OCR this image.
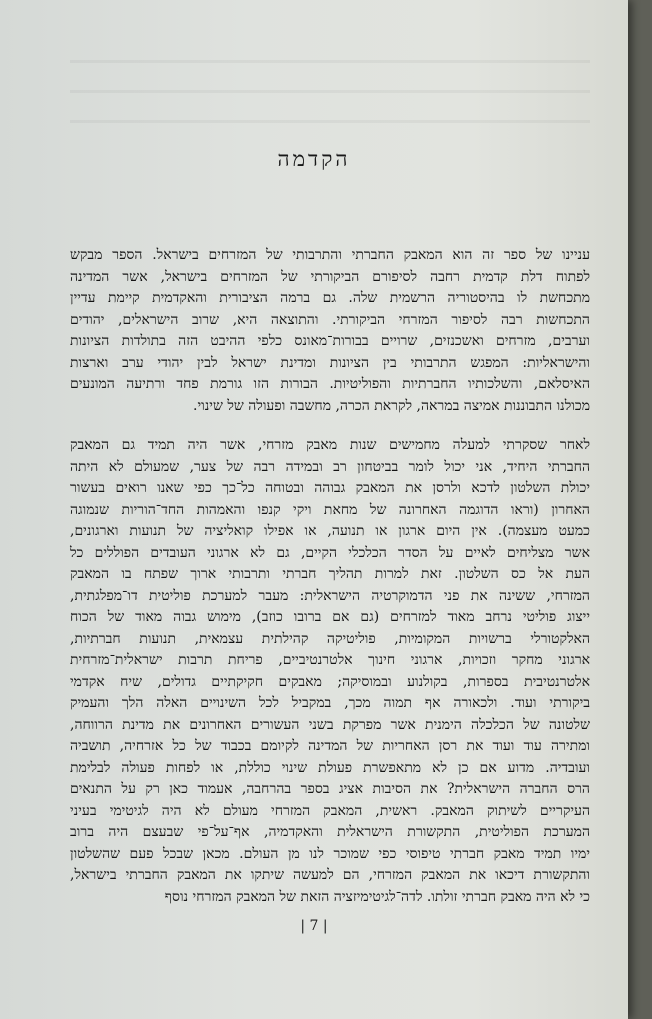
הקדמה

עניינו של ספר זה הוא המאבק החברתי והתרבותי של המזרחים בישראל. הספר מבקש
לפתוח דלת קדמית רחבה לסיפורם הביקורתי של המזרחים בישראל, אשר המדינה
מתכחשת לו בהיסטוריה הרשמית שלה. גם ברמה הציבורית והאקדמית קיימת עדיין
התכחשות רבה לסיפור המזרחי הביקורתי. והתוצאה היא, שרוב הישראלים, יהודים
וערבים, מזרחים ואשכנזים, שרויים בבורות־מאונס כלפי ההיבט הזה בתולדות הציונות
והישראליות: המפגש התרבותי בין הציונות ומדינת ישראל לבין יהודי ערב וארצות
האיסלאם, והשלכותיו החברתיות והפוליטיות. הבורות הזו גורמת פחד ורתיעה המונעים
מכולנו התבוננות אמיצה במראה, לקראת הכרה, מחשבה ופעולה של שינוי.

לאחר שסקרתי למעלה מחמישים שנות מאבק מזרחי, אשר היה תמיד גם המאבק
החברתי היחיד, אני יכול לומר בביטחון רב ובמידה רבה של צער, שמעולם לא היתה
יכולת השלטון לדכא ולרסן את המאבק גבוהה ובטוחה כל־כך כפי שאנו רואים בעשור
האחרון (וראו הדוגמה האחרונה של מחאת ויקי קנפו והאמהות החד־הוריות שנמוגה
כמעט מעצמה). אין היום ארגון או תנועה, או אפילו קואליציה של תנועות וארגונים,
אשר מצליחים לאיים על הסדר הכלכלי הקיים, גם לא ארגוני העובדים הפוללים כל
העת אל כס השלטון. זאת למרות תהליך חברתי ותרבותי ארוך שפתח בו המאבק
המזרחי, ששינה את פני הדמוקרטיה הישראלית: מעבר למערכת פוליטית דו־מפלגתית,
ייצוג פוליטי נרחב מאוד למזרחים (גם אם ברובו כוזב), מימוש גבוה מאוד של הכוח
האלקטורלי ברשויות המקומיות, פוליטיקה קהילתית עצמאית, תנועות חברתיות,
ארגוני מחקר וזכויות, ארגוני חינוך אלטרנטיביים, פריחת תרבות ישראלית־מזרחית
אלטרנטיבית בספרות, בקולנוע ובמוסיקה; מאבקים חקיקתיים גדולים, שיח אקדמי
ביקורתי ועוד. ולכאורה אף תמוה מכך, במקביל לכל השינויים האלה הלך והעמיק
שלטונה של הכלכלה הימנית אשר מפרקת בשני העשורים האחרונים את מדינת הרווחה,
ומתירה עוד ועוד את רסן האחריות של המדינה לקיומם בכבוד של כל אזרחיה, תושביה
ועובדיה. מדוע אם כן לא מתאפשרת פעולת שינוי כוללת, או לפחות פעולה לבלימת
הרס החברה הישראלית? את הסיבות אציג בספר בהרחבה, אעמוד כאן רק על התנאים
העיקריים לשיתוק המאבק. ראשית, המאבק המזרחי מעולם לא היה לגיטימי בעיני
המערכת הפוליטית, התקשורת הישראלית והאקדמיה, אף־על־פי שבעצם היה ברוב
ימיו תמיד מאבק חברתי טיפוסי כפי שמוכר לנו מן העולם. מכאן שבכל פעם שהשלטון
והתקשורת דיכאו את המאבק המזרחי, הם למעשה שיתקו את המאבק החברתי בישראל,
כי לא היה מאבק חברתי זולתו. לדה־לגיטימיזציה הזאת של המאבק המזרחי נוסף

| 7 |
